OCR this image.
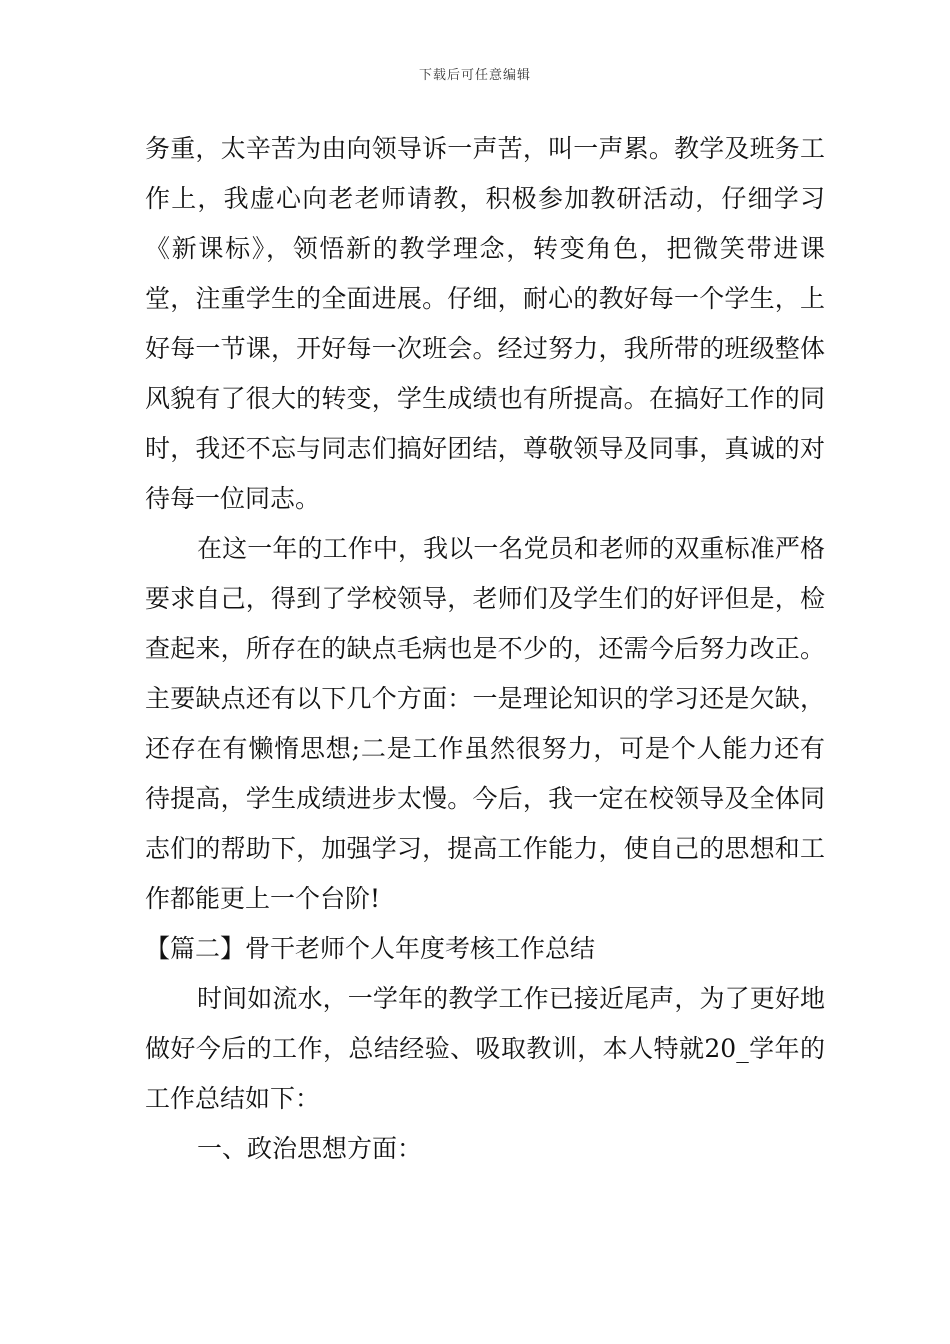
下载后可任意编辑

务重，太辛苦为由向领导诉一声苦，叫一声累。教学及班务工作上，我虚心向老老师请教，积极参加教研活动，仔细学习《新课标》，领悟新的教学理念，转变角色，把微笑带进课堂，注重学生的全面进展。仔细，耐心的教好每一个学生，上好每一节课，开好每一次班会。经过努力，我所带的班级整体风貌有了很大的转变，学生成绩也有所提高。在搞好工作的同时，我还不忘与同志们搞好团结，尊敬领导及同事，真诚的对待每一位同志。

在这一年的工作中，我以一名党员和老师的双重标准严格要求自己，得到了学校领导，老师们及学生们的好评但是，检查起来，所存在的缺点毛病也是不少的，还需今后努力改正。主要缺点还有以下几个方面：一是理论知识的学习还是欠缺，还存在有懒惰思想;二是工作虽然很努力，可是个人能力还有待提高，学生成绩进步太慢。今后，我一定在校领导及全体同志们的帮助下，加强学习，提高工作能力，使自己的思想和工作都能更上一个台阶!

【篇二】骨干老师个人年度考核工作总结

时间如流水，一学年的教学工作已接近尾声，为了更好地做好今后的工作，总结经验、吸取教训，本人特就20_学年的工作总结如下：

一、政治思想方面：
